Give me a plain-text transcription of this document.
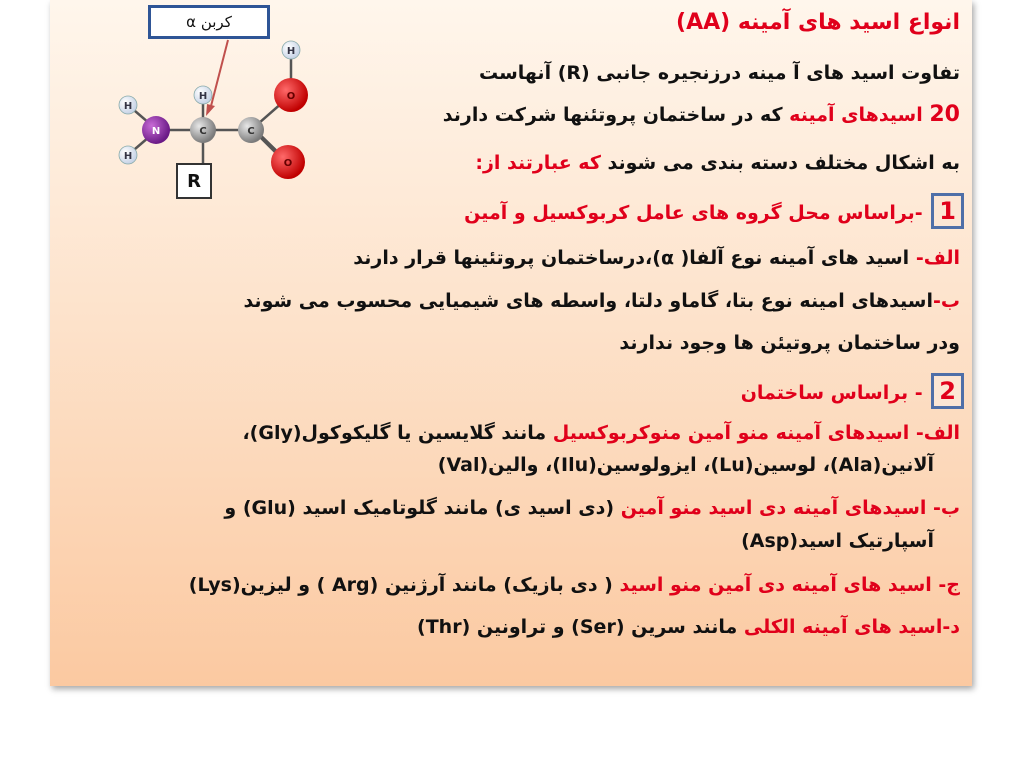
H
H
N
H
C	C
O
O
H
کربن α
R
انواع اسید های آمینه (AA)
تفاوت اسید های آ مینه درزنجیره جانبی (R) آنهاست
20 اسیدهای آمینه که در ساختمان پروتئنها شرکت دارند
به اشکال مختلف دسته بندی می شوند که عبارتند از:
1 -براساس محل گروه های عامل کربوکسیل و آمین
الف- اسید های آمینه نوع آلفا( α)،درساختمان پروتئینها قرار دارند
ب-اسیدهای امینه نوع بتا، گاماو دلتا، واسطه های شیمیایی محسوب می شوند
ودر ساختمان پروتیئن ها وجود ندارند
2 - براساس ساختمان
الف- اسیدهای آمینه منو آمین منوکربوکسیل مانند گلایسین یا گلیکوکول(Gly)،
آلانین(Ala)، لوسین(Lu)، ایزولوسین(Ilu)، والین(Val)
ب- اسیدهای آمینه دی اسید منو آمین (دی اسید ی) مانند گلوتامیک اسید (Glu) و
آسپارتیک اسید(Asp)
ج- اسید های آمینه دی آمین منو اسید ( دی بازیک) مانند آرژنین (Arg ) و لیزین(Lys)
د-اسید های آمینه الکلی مانند سرین (Ser) و تراونین (Thr)
